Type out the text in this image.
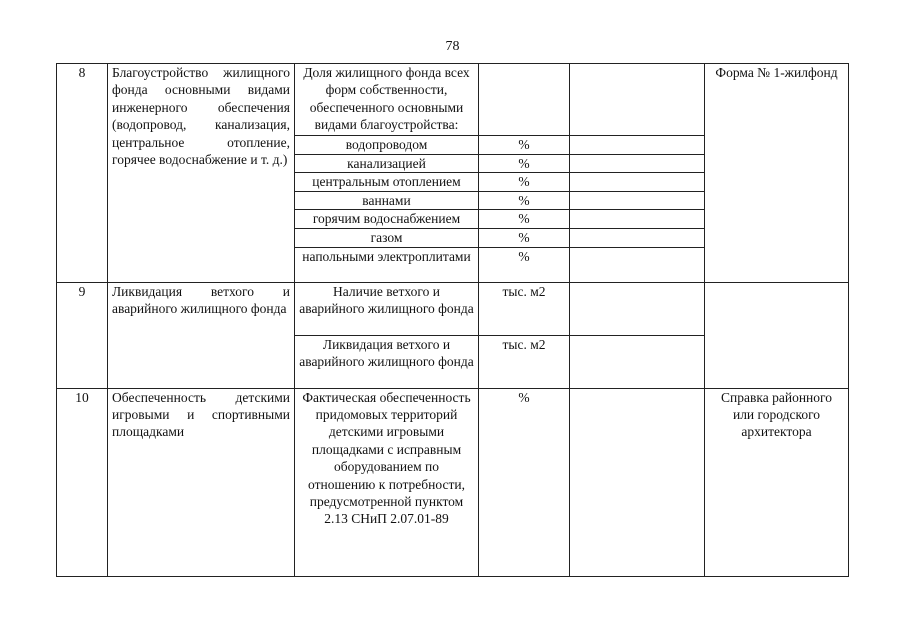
78
8	Благоустройство жилищного фонда основными видами инженерного обеспечения (водопровод, канализация, центральное отопление, горячее водоснабжение и т. д.)	Доля жилищного фонда всех форм собственности, обеспеченного основными видами благоустройства:			Форма № 1-жилфонд
		водопроводом	%		
		канализацией	%		
		центральным отоплением	%		
		ваннами	%		
		горячим водоснабжением	%		
		газом	%		
		напольными электроплитами	%		
9	Ликвидация ветхого и аварийного жилищного фонда	Наличие ветхого и аварийного жилищного фонда	тыс. м2		
		Ликвидация ветхого и аварийного жилищного фонда	тыс. м2		
10	Обеспеченность детскими игровыми и спортивными площадками	Фактическая обеспеченность придомовых территорий детскими игровыми площадками с исправным оборудованием по отношению к потребности, предусмотренной пунктом 2.13 СНиП 2.07.01-89	%		Справка районного или городского архитектора
